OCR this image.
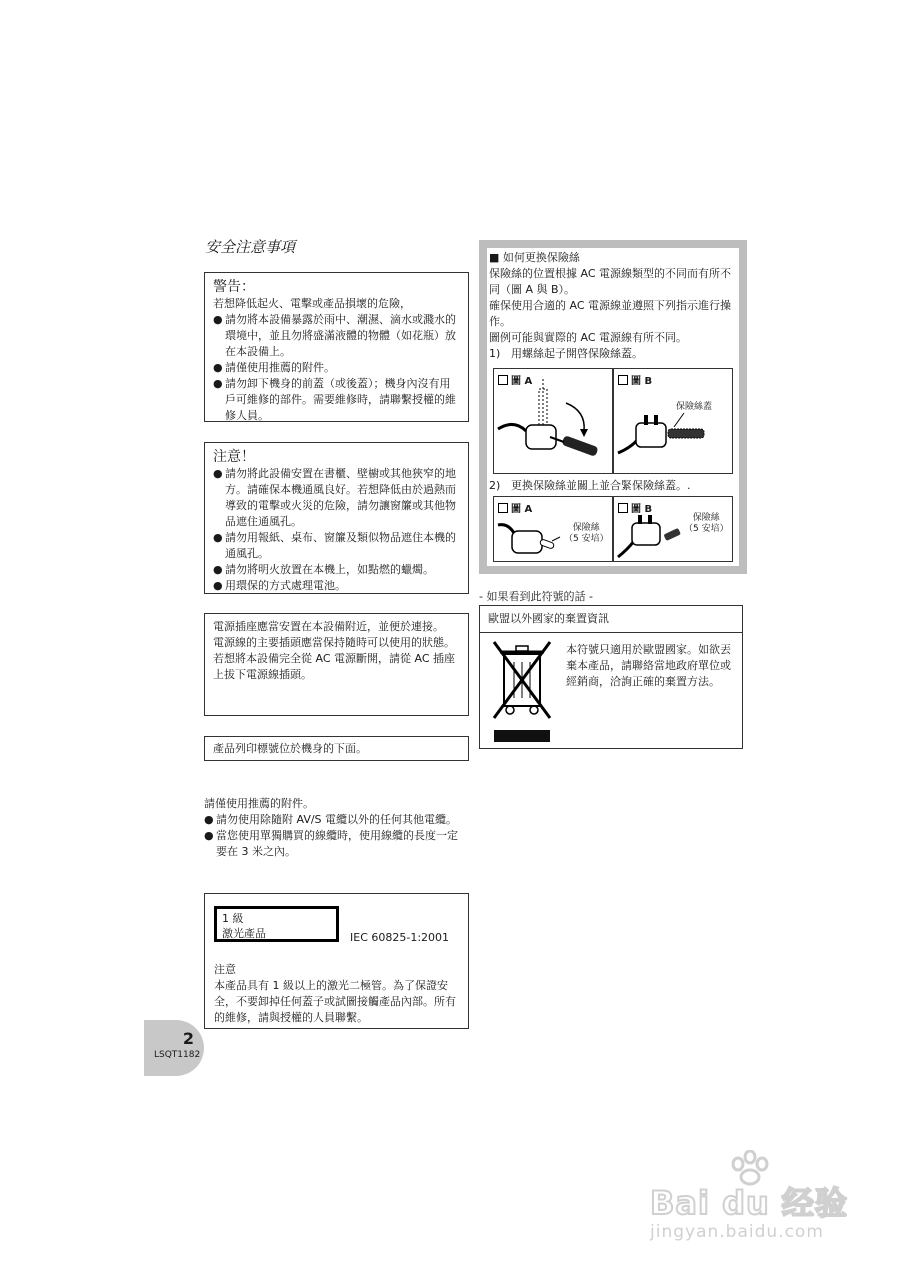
安全注意事項
警告：
若想降低起火、電擊或產品損壞的危險，
● 請勿將本設備暴露於雨中、潮濕、滴水或濺水的環境中，並且勿將盛滿液體的物體（如花瓶）放在本設備上。
● 請僅使用推薦的附件。
● 請勿卸下機身的前蓋（或後蓋）；機身內沒有用戶可維修的部件。需要維修時，請聯繫授權的維修人員。
注意！
● 請勿將此設備安置在書櫃、壁櫥或其他狹窄的地方。請確保本機通風良好。若想降低由於過熱而導致的電擊或火災的危險，請勿讓窗簾或其他物品遮住通風孔。
● 請勿用報紙、桌布、窗簾及類似物品遮住本機的通風孔。
● 請勿將明火放置在本機上，如點燃的蠟燭。
● 用環保的方式處理電池。
電源插座應當安置在本設備附近，並便於連接。
電源線的主要插頭應當保持隨時可以使用的狀態。
若想將本設備完全從 AC 電源斷開，請從 AC 插座上拔下電源線插頭。
產品列印標號位於機身的下面。
請僅使用推薦的附件。
● 請勿使用除隨附 AV/S 電纜以外的任何其他電纜。
● 當您使用單獨購買的線纜時，使用線纜的長度一定要在 3 米之內。
1 級
激光產品	IEC 60825-1:2001
注意
本產品具有 1 級以上的激光二極管。為了保證安全，不要卸掉任何蓋子或試圖接觸產品內部。所有的維修，請與授權的人員聯繫。
■ 如何更換保險絲
保險絲的位置根據 AC 電源線類型的不同而有所不同（圖 A 與 B）。
確保使用合適的 AC 電源線並遵照下列指示進行操作。
圖例可能與實際的 AC 電源線有所不同。
1) 用螺絲起子開啓保險絲蓋。
圖 A	圖 B
保險絲蓋
2) 更換保險絲並關上並合緊保險絲蓋。.
圖 A
保險絲
（5 安培）
圖 B
保險絲
（5 安培）
- 如果看到此符號的話 -
歐盟以外國家的棄置資訊
本符號只適用於歐盟國家。如欲丟棄本產品，請聯絡當地政府單位或經銷商，洽詢正確的棄置方法。
2
LSQT1182
Bai du 经验
jingyan.baidu.com
